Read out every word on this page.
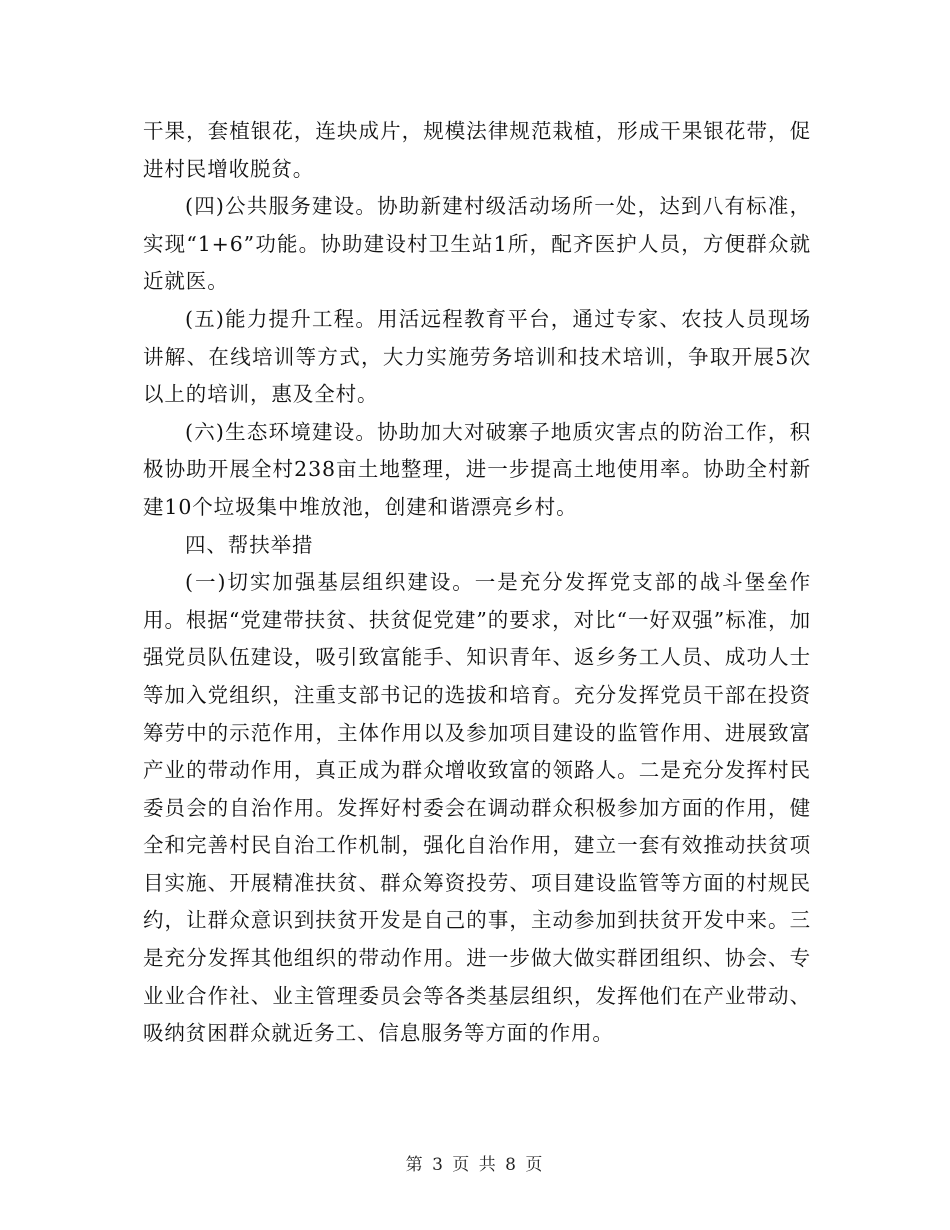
干果，套植银花，连块成片，规模法律规范栽植，形成干果银花带，促进村民增收脱贫。

(四)公共服务建设。协助新建村级活动场所一处，达到八有标准，实现“1+6”功能。协助建设村卫生站1所，配齐医护人员，方便群众就近就医。

(五)能力提升工程。用活远程教育平台，通过专家、农技人员现场讲解、在线培训等方式，大力实施劳务培训和技术培训，争取开展5次以上的培训，惠及全村。

(六)生态环境建设。协助加大对破寨子地质灾害点的防治工作，积极协助开展全村238亩土地整理，进一步提高土地使用率。协助全村新建10个垃圾集中堆放池，创建和谐漂亮乡村。

四、帮扶举措

(一)切实加强基层组织建设。一是充分发挥党支部的战斗堡垒作用。根据“党建带扶贫、扶贫促党建”的要求，对比“一好双强”标准，加强党员队伍建设，吸引致富能手、知识青年、返乡务工人员、成功人士等加入党组织，注重支部书记的选拔和培育。充分发挥党员干部在投资筹劳中的示范作用，主体作用以及参加项目建设的监管作用、进展致富产业的带动作用，真正成为群众增收致富的领路人。二是充分发挥村民委员会的自治作用。发挥好村委会在调动群众积极参加方面的作用，健全和完善村民自治工作机制，强化自治作用，建立一套有效推动扶贫项目实施、开展精准扶贫、群众筹资投劳、项目建设监管等方面的村规民约，让群众意识到扶贫开发是自己的事，主动参加到扶贫开发中来。三是充分发挥其他组织的带动作用。进一步做大做实群团组织、协会、专业业合作社、业主管理委员会等各类基层组织，发挥他们在产业带动、吸纳贫困群众就近务工、信息服务等方面的作用。

第 3 页 共 8 页
